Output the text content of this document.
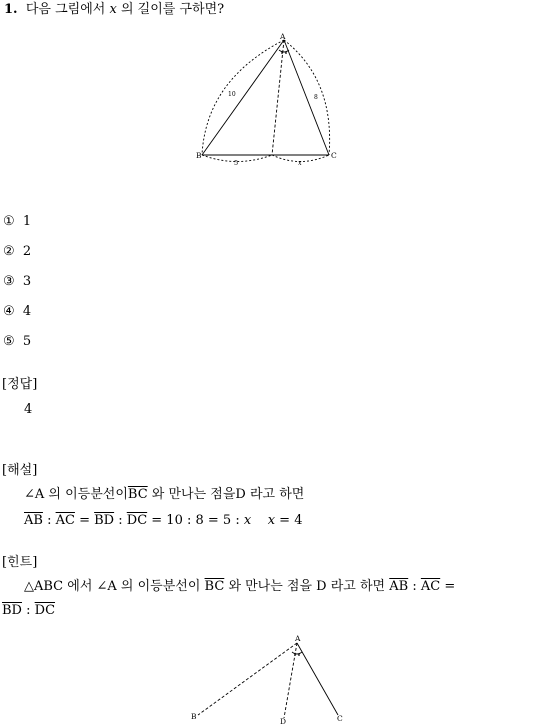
1. 다음 그림에서 x 의 길이를 구하면?
A
B	C
10	8
5	x
① 1
② 2
③ 3
④ 4
⑤ 5
[정답]
4
[해설]
∠A 의 이등분선이$\overline{BC}$ 와 만나는 점을D 라고 하면
$\overline{AB}$ : $\overline{AC} = \overline{BD}$ : $\overline{DC} = 10$ : 8 = 5 : x x = 4
[힌트]
△ABC 에서 ∠A 의 이등분선이 $\overline{BC}$ 와 만나는 점을 D 라고 하면 $\overline{AB}$ : $\overline{AC}$ =
$\overline{BD}$ : $\overline{DC}$
A
B	C
D
